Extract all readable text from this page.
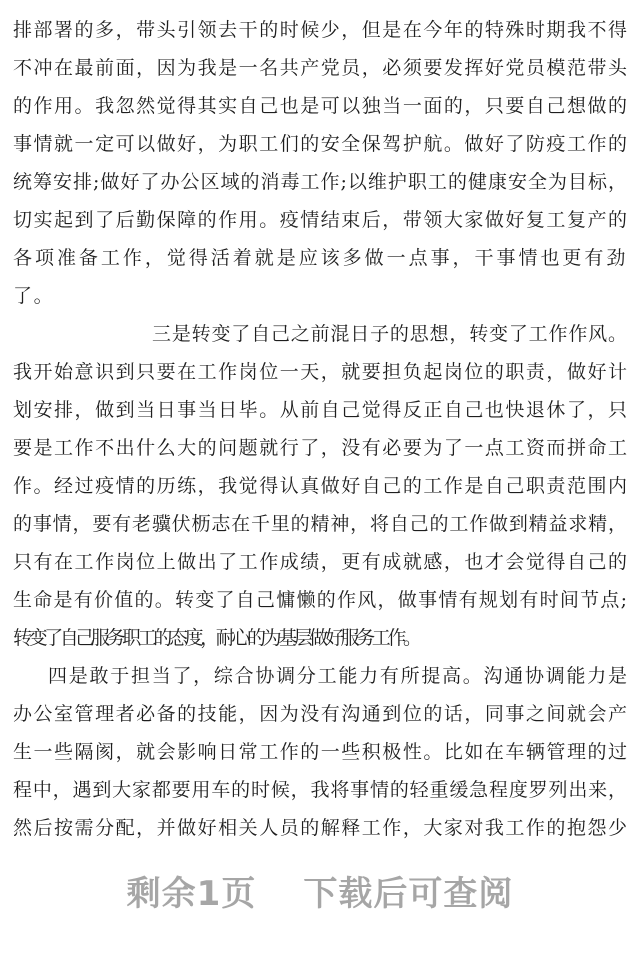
排部署的多，带头引领去干的时候少，但是在今年的特殊时期我不得
不冲在最前面，因为我是一名共产党员，必须要发挥好党员模范带头
的作用。我忽然觉得其实自己也是可以独当一面的，只要自己想做的
事情就一定可以做好，为职工们的安全保驾护航。做好了防疫工作的
统筹安排;做好了办公区域的消毒工作;以维护职工的健康安全为目标，
切实起到了后勤保障的作用。疫情结束后，带领大家做好复工复产的
各项准备工作，觉得活着就是应该多做一点事，干事情也更有劲了。
三是转变了自己之前混日子的思想，转变了工作作风。
我开始意识到只要在工作岗位一天，就要担负起岗位的职责，做好计
划安排，做到当日事当日毕。从前自己觉得反正自己也快退休了，只
要是工作不出什么大的问题就行了，没有必要为了一点工资而拼命工
作。经过疫情的历练，我觉得认真做好自己的工作是自己职责范围内
的事情，要有老骥伏枥志在千里的精神，将自己的工作做到精益求精，
只有在工作岗位上做出了工作成绩，更有成就感，也才会觉得自己的
生命是有价值的。转变了自己慵懒的作风，做事情有规划有时间节点;
转变了自己服务职工的态度，耐心的为基层做好服务工作。
四是敢于担当了，综合协调分工能力有所提高。沟通协调能力是
办公室管理者必备的技能，因为没有沟通到位的话，同事之间就会产
生一些隔阂，就会影响日常工作的一些积极性。比如在车辆管理的过
程中，遇到大家都要用车的时候，我将事情的轻重缓急程度罗列出来，
然后按需分配，并做好相关人员的解释工作，大家对我工作的抱怨少
剩余1页 下载后可查阅
